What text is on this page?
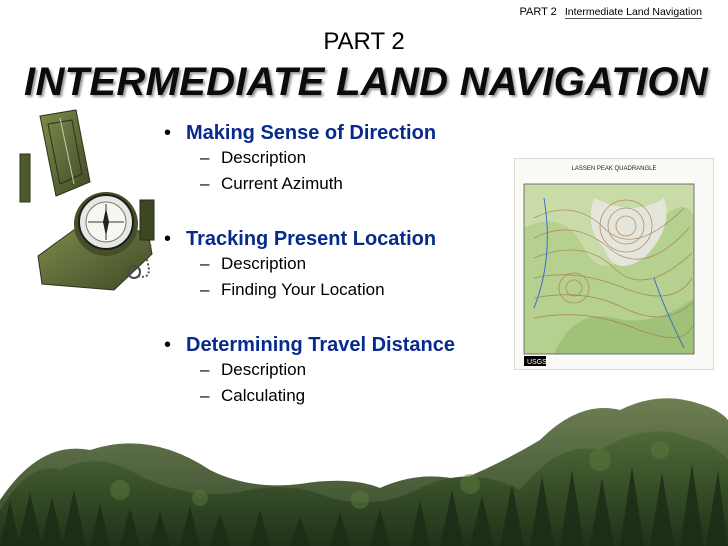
PART 2 Intermediate Land Navigation
PART 2
INTERMEDIATE LAND NAVIGATION
• Making Sense of Direction
– Description
– Current Azimuth
• Tracking Present Location
– Description
– Finding Your Location
• Determining Travel Distance
– Description
– Calculating
LASSEN PEAK QUADRANGLE
USGS
